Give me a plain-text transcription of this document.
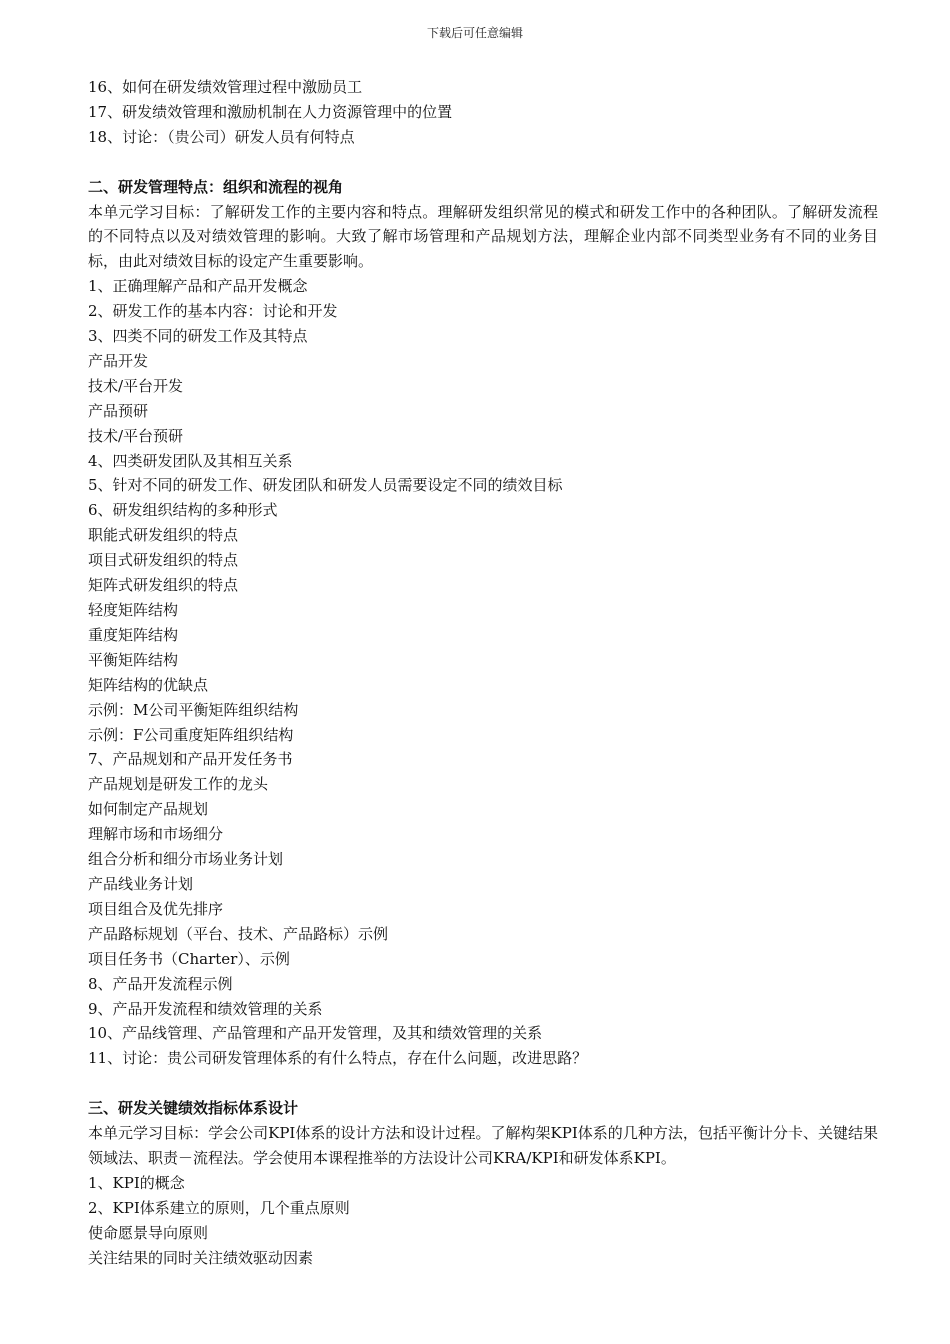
下载后可任意编辑
16、如何在研发绩效管理过程中激励员工
17、研发绩效管理和激励机制在人力资源管理中的位置
18、讨论：（贵公司）研发人员有何特点
二、研发管理特点：组织和流程的视角
本单元学习目标：了解研发工作的主要内容和特点。理解研发组织常见的模式和研发工作中的各种团队。了解研发流程的不同特点以及对绩效管理的影响。大致了解市场管理和产品规划方法，理解企业内部不同类型业务有不同的业务目标，由此对绩效目标的设定产生重要影响。
1、正确理解产品和产品开发概念
2、研发工作的基本内容：讨论和开发
3、四类不同的研发工作及其特点
产品开发
技术/平台开发
产品预研
技术/平台预研
4、四类研发团队及其相互关系
5、针对不同的研发工作、研发团队和研发人员需要设定不同的绩效目标
6、研发组织结构的多种形式
职能式研发组织的特点
项目式研发组织的特点
矩阵式研发组织的特点
轻度矩阵结构
重度矩阵结构
平衡矩阵结构
矩阵结构的优缺点
示例：M公司平衡矩阵组织结构
示例：F公司重度矩阵组织结构
7、产品规划和产品开发任务书
产品规划是研发工作的龙头
如何制定产品规划
理解市场和市场细分
组合分析和细分市场业务计划
产品线业务计划
项目组合及优先排序
产品路标规划（平台、技术、产品路标）示例
项目任务书（Charter）、示例
8、产品开发流程示例
9、产品开发流程和绩效管理的关系
10、产品线管理、产品管理和产品开发管理，及其和绩效管理的关系
11、讨论：贵公司研发管理体系的有什么特点，存在什么问题，改进思路？
三、研发关键绩效指标体系设计
本单元学习目标：学会公司KPI体系的设计方法和设计过程。了解构架KPI体系的几种方法，包括平衡计分卡、关键结果领域法、职责－流程法。学会使用本课程推举的方法设计公司KRA/KPI和研发体系KPI。
1、KPI的概念
2、KPI体系建立的原则，几个重点原则
使命愿景导向原则
关注结果的同时关注绩效驱动因素
